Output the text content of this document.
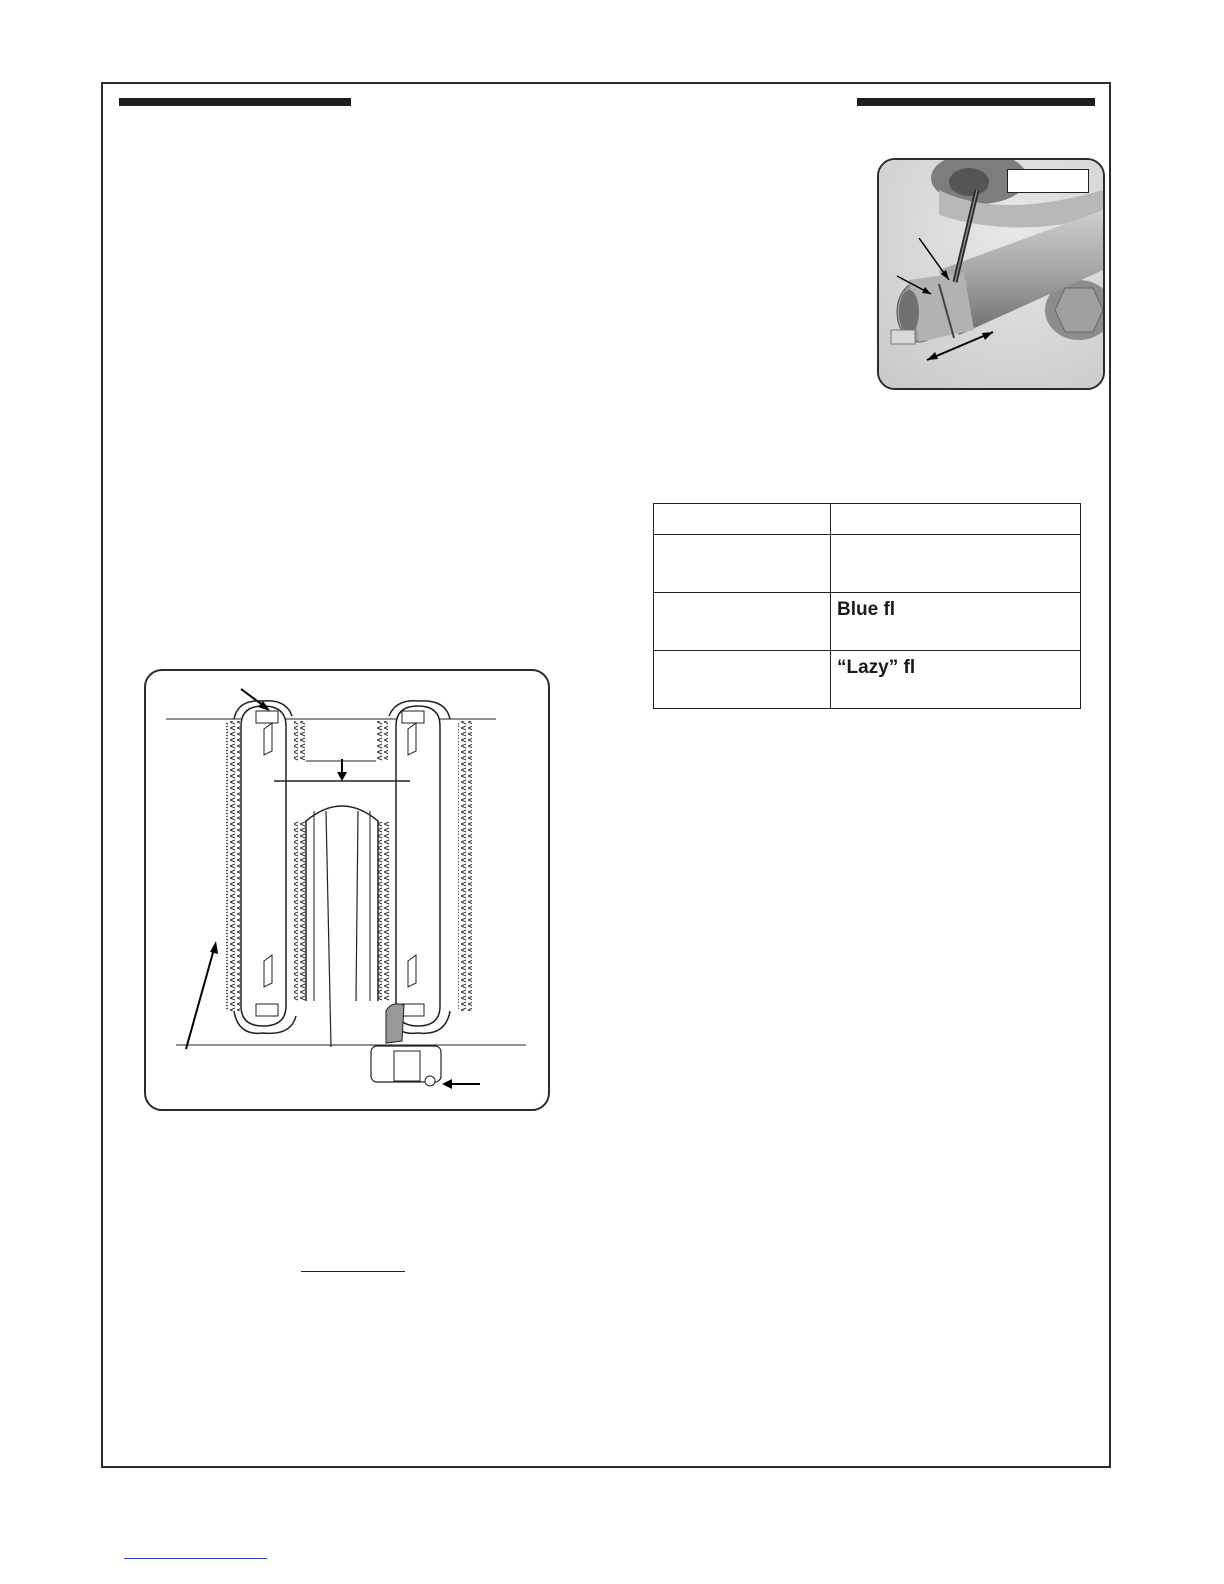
	Blue fl
	“Lazy” fl
